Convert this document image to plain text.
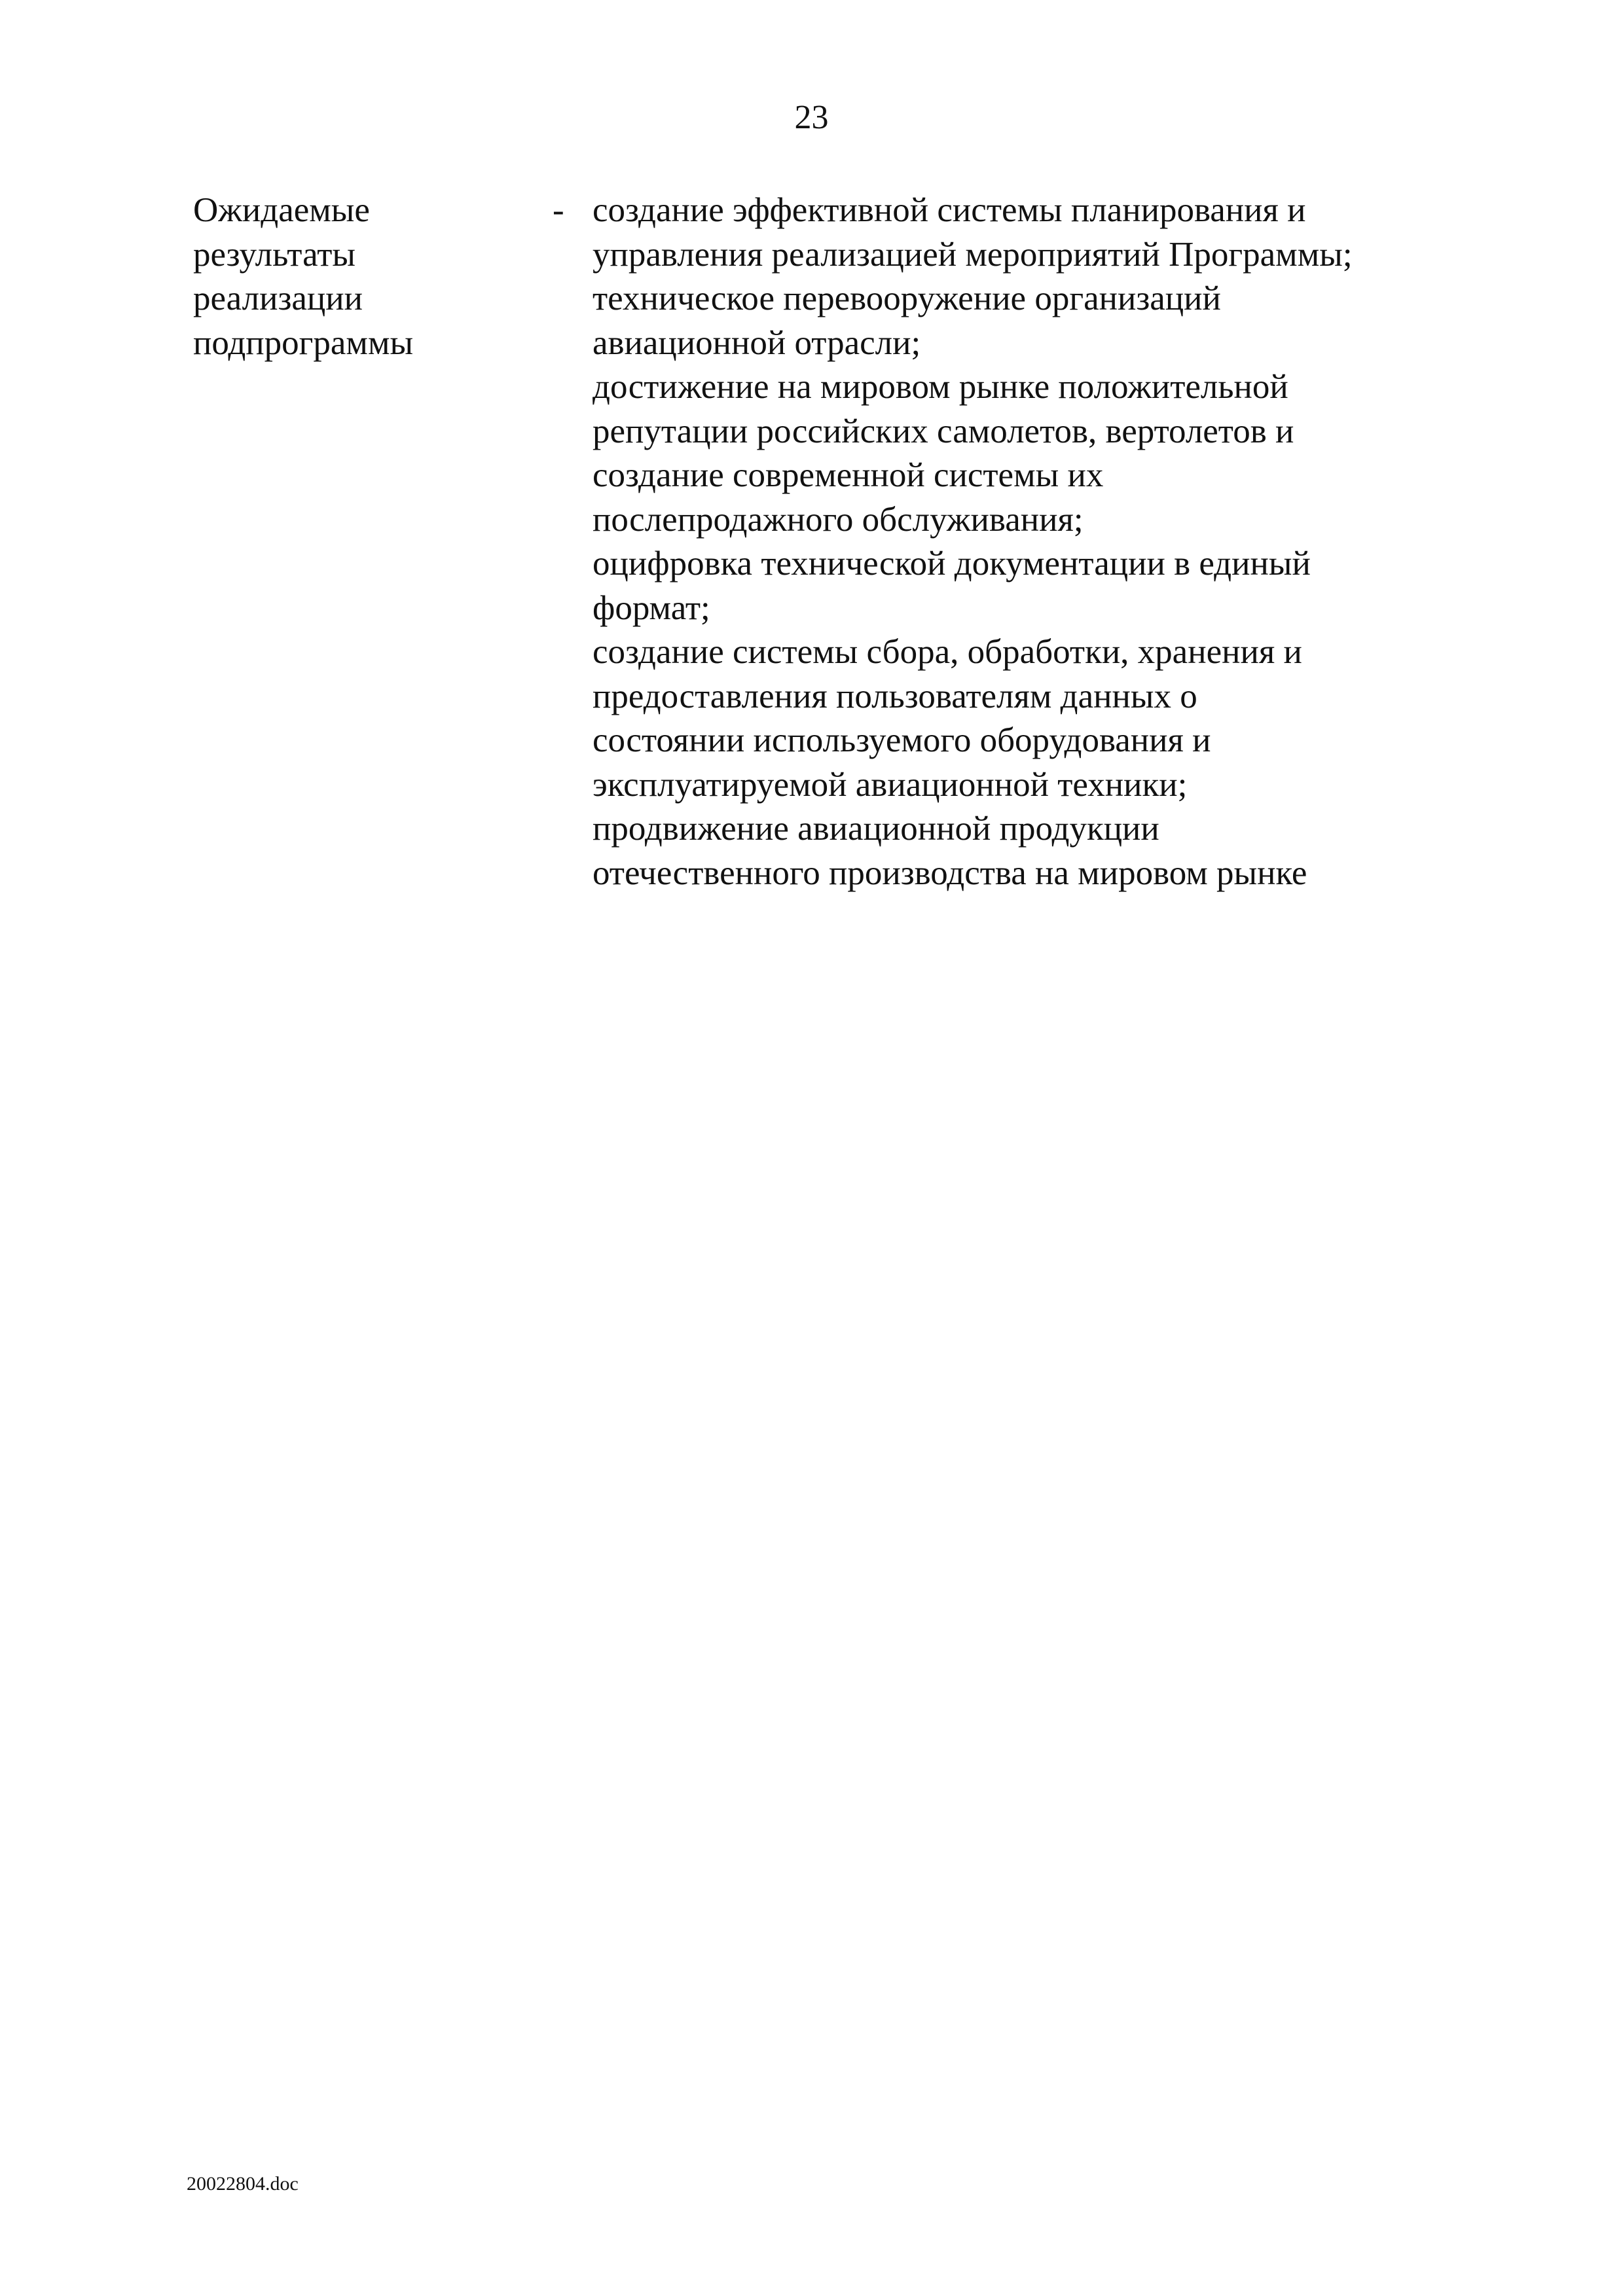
23
Ожидаемые
результаты
реализации
подпрограммы
- создание эффективной системы планирования и
управления реализацией мероприятий Программы;
техническое перевооружение организаций
авиационной отрасли;
достижение на мировом рынке положительной
репутации российских самолетов, вертолетов и
создание современной системы их
послепродажного обслуживания;
оцифровка технической документации в единый
формат;
создание системы сбора, обработки, хранения и
предоставления пользователям данных о
состоянии используемого оборудования и
эксплуатируемой авиационной техники;
продвижение авиационной продукции
отечественного производства на мировом рынке
20022804.doc
